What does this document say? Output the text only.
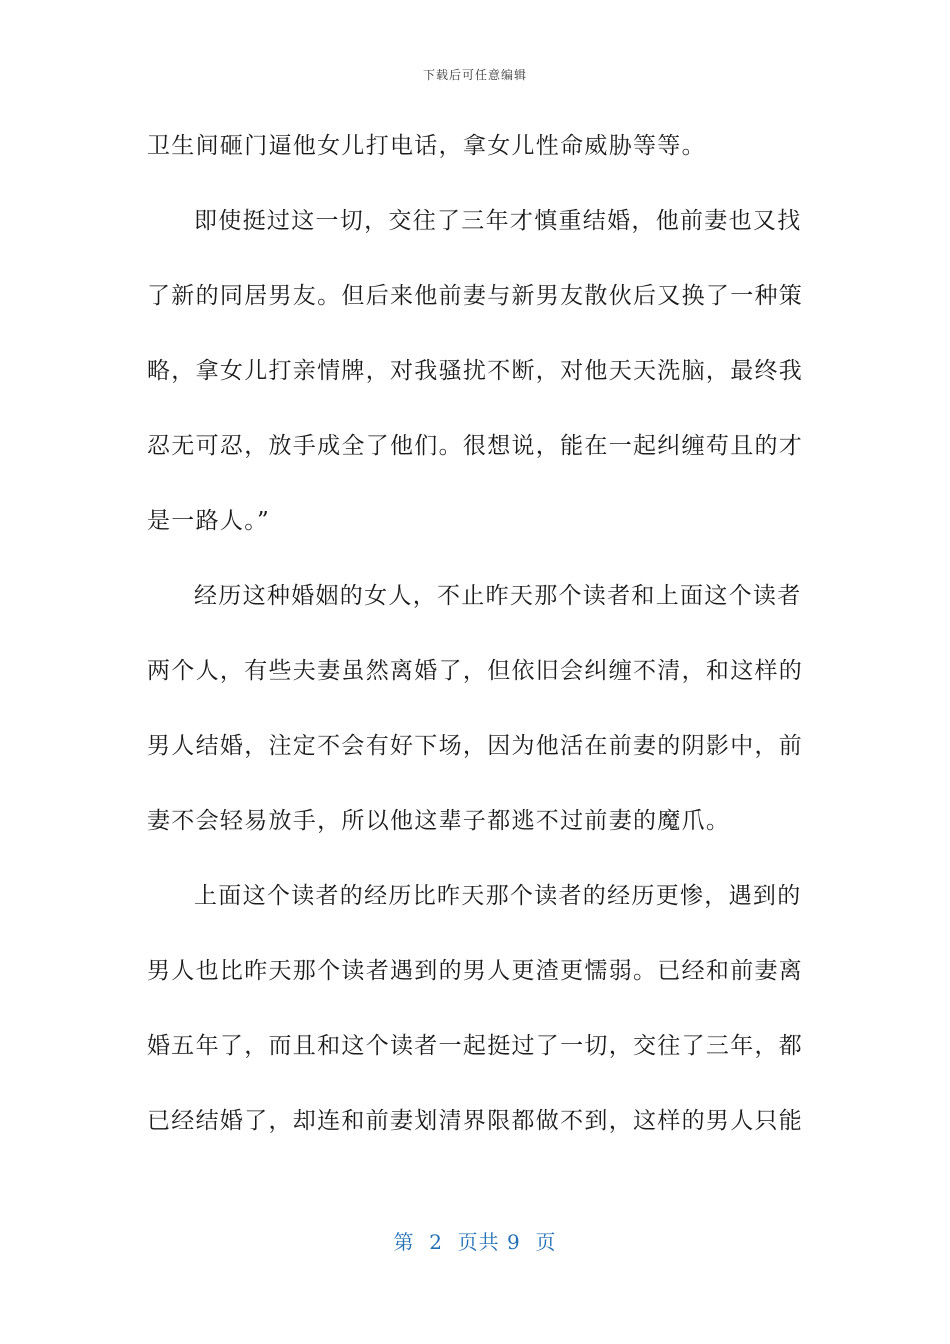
下载后可任意编辑
卫生间砸门逼他女儿打电话，拿女儿性命威胁等等。
即使挺过这一切，交往了三年才慎重结婚，他前妻也又找
了新的同居男友。但后来他前妻与新男友散伙后又换了一种策
略，拿女儿打亲情牌，对我骚扰不断，对他天天洗脑，最终我
忍无可忍，放手成全了他们。很想说，能在一起纠缠苟且的才
是一路人。”
经历这种婚姻的女人，不止昨天那个读者和上面这个读者
两个人，有些夫妻虽然离婚了，但依旧会纠缠不清，和这样的
男人结婚，注定不会有好下场，因为他活在前妻的阴影中，前
妻不会轻易放手，所以他这辈子都逃不过前妻的魔爪。
上面这个读者的经历比昨天那个读者的经历更惨，遇到的
男人也比昨天那个读者遇到的男人更渣更懦弱。已经和前妻离
婚五年了，而且和这个读者一起挺过了一切，交往了三年，都
已经结婚了，却连和前妻划清界限都做不到，这样的男人只能
第  2  页共 9  页
